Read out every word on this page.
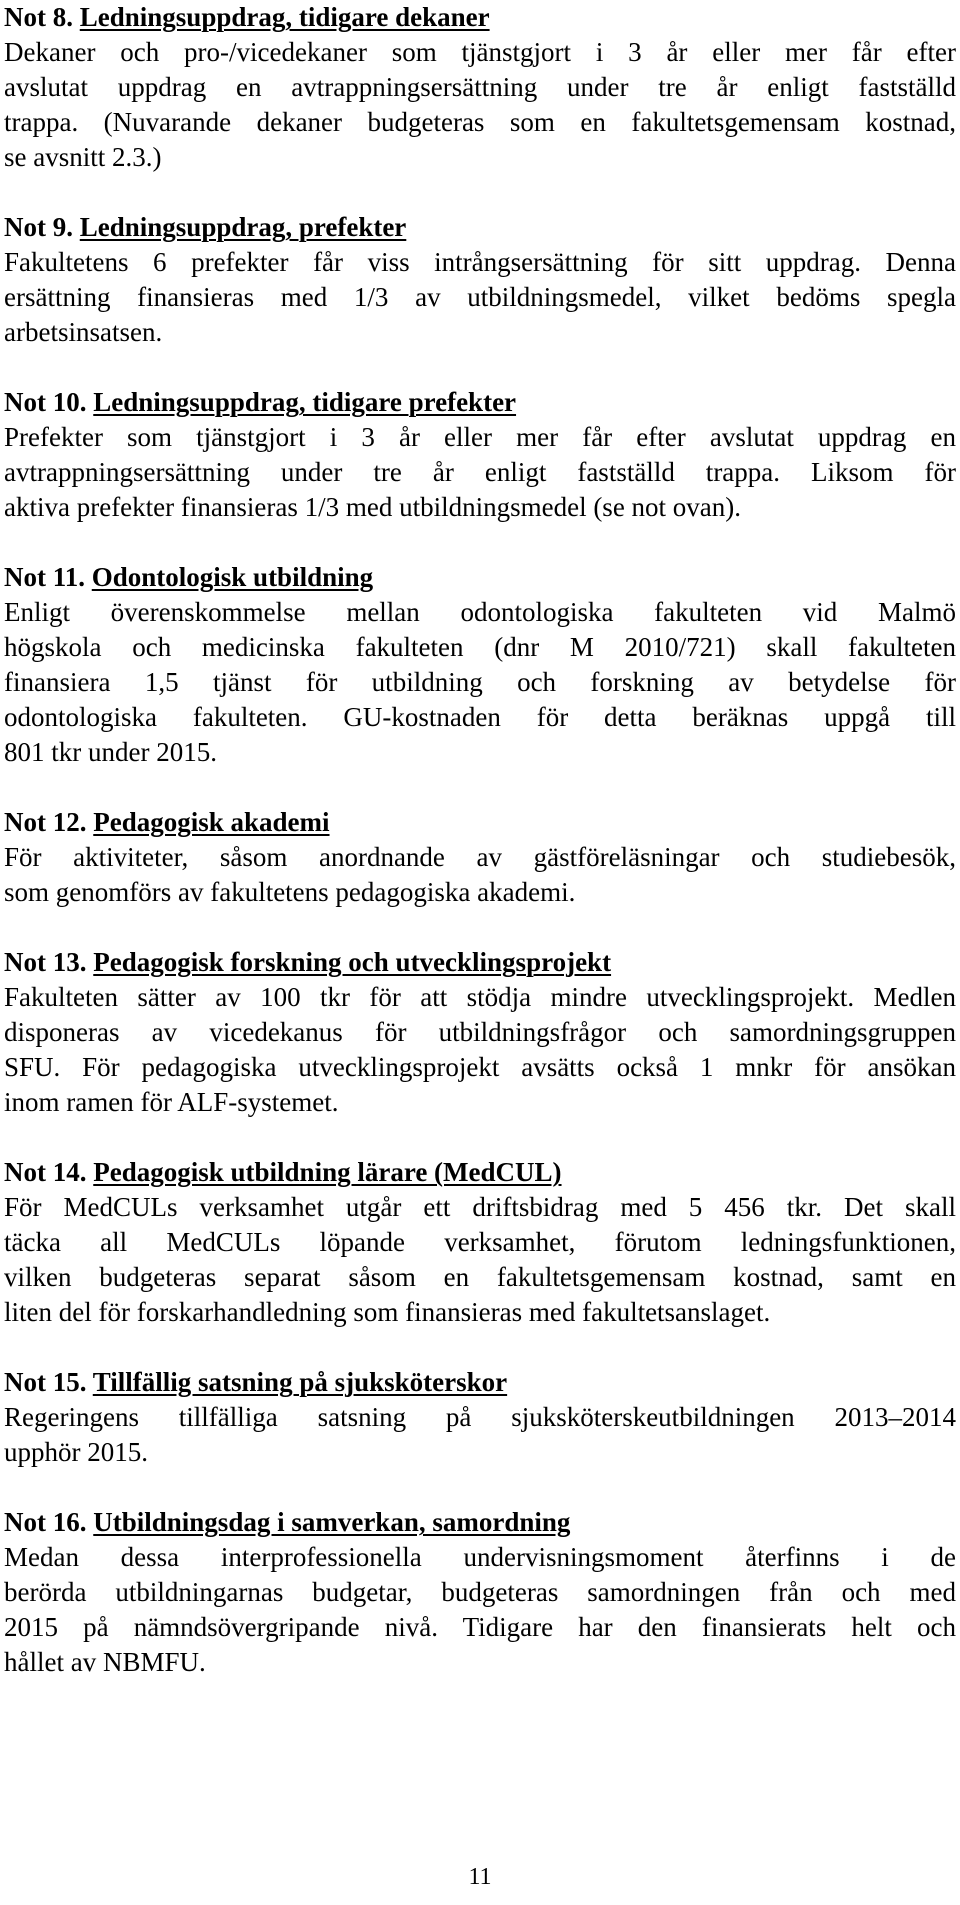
Not 8. Ledningsuppdrag, tidigare dekaner

Dekaner och pro-/vicedekaner som tjänstgjort i 3 år eller mer får efter
avslutat uppdrag en avtrappningsersättning under tre år enligt fastställd
trappa. (Nuvarande dekaner budgeteras som en fakultetsgemensam kostnad,
se avsnitt 2.3.)

Not 9. Ledningsuppdrag, prefekter

Fakultetens 6 prefekter får viss intrångsersättning för sitt uppdrag. Denna
ersättning finansieras med 1/3 av utbildningsmedel, vilket bedöms spegla
arbetsinsatsen.

Not 10. Ledningsuppdrag, tidigare prefekter

Prefekter som tjänstgjort i 3 år eller mer får efter avslutat uppdrag en
avtrappningsersättning under tre år enligt fastställd trappa. Liksom för
aktiva prefekter finansieras 1/3 med utbildningsmedel (se not ovan).

Not 11. Odontologisk utbildning

Enligt överenskommelse mellan odontologiska fakulteten vid Malmö
högskola och medicinska fakulteten (dnr M 2010/721) skall fakulteten
finansiera 1,5 tjänst för utbildning och forskning av betydelse för
odontologiska fakulteten. GU-kostnaden för detta beräknas uppgå till
801 tkr under 2015.

Not 12. Pedagogisk akademi

För aktiviteter, såsom anordnande av gästföreläsningar och studiebesök,
som genomförs av fakultetens pedagogiska akademi.

Not 13. Pedagogisk forskning och utvecklingsprojekt

Fakulteten sätter av 100 tkr för att stödja mindre utvecklingsprojekt. Medlen
disponeras av vicedekanus för utbildningsfrågor och samordningsgruppen
SFU. För pedagogiska utvecklingsprojekt avsätts också 1 mnkr för ansökan
inom ramen för ALF-systemet.

Not 14. Pedagogisk utbildning lärare (MedCUL)

För MedCULs verksamhet utgår ett driftsbidrag med 5 456 tkr. Det skall
täcka all MedCULs löpande verksamhet, förutom ledningsfunktionen,
vilken budgeteras separat såsom en fakultetsgemensam kostnad, samt en
liten del för forskarhandledning som finansieras med fakultetsanslaget.

Not 15. Tillfällig satsning på sjuksköterskor

Regeringens tillfälliga satsning på sjuksköterskeutbildningen 2013–2014
upphör 2015.

Not 16. Utbildningsdag i samverkan, samordning

Medan dessa interprofessionella undervisningsmoment återfinns i de
berörda utbildningarnas budgetar, budgeteras samordningen från och med
2015 på nämndsövergripande nivå. Tidigare har den finansierats helt och
hållet av NBMFU.
11
